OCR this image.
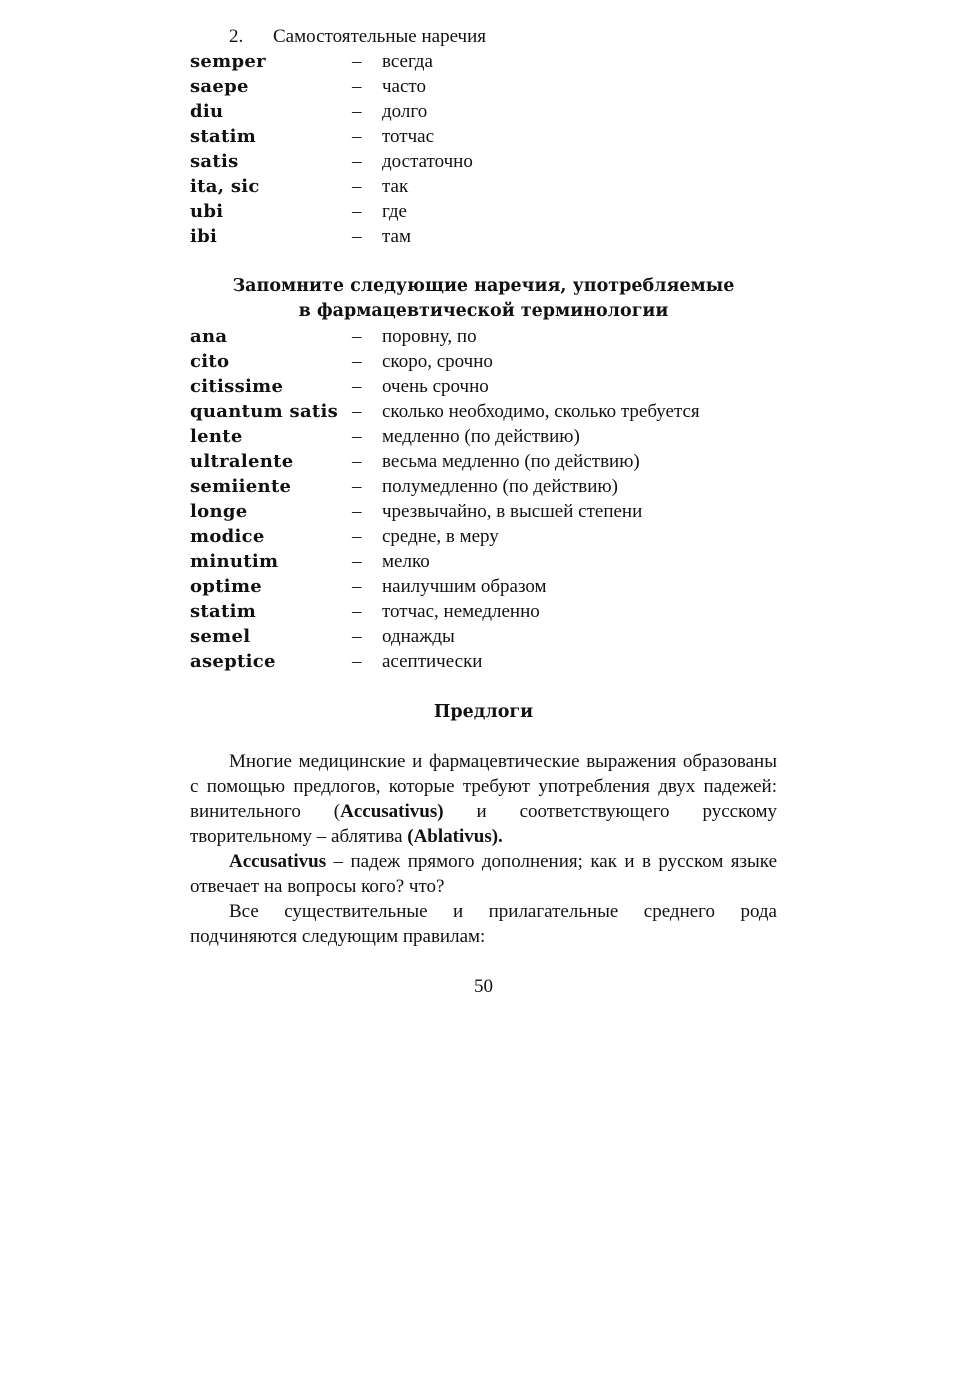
2. Самостоятельные наречия
semper	– всегда
saepe	– часто
diu	– долго
statim	– тотчас
satis	– достаточно
ita, sic	– так
ubi	– где
ibi	– там
Запомните следующие наречия, употребляемые
в фармацевтической терминологии
ana	– поровну, по
cito	– скоро, срочно
citissime	– очень срочно
quantum satis – сколько необходимо, сколько требуется
lente	– медленно (по действию)
ultralente	– весьма медленно (по действию)
semiiente	– полумедленно (по действию)
longe	– чрезвычайно, в высшей степени
modice	– средне, в меру
minutim	– мелко
optime	– наилучшим образом
statim	– тотчас, немедленно
semel	– однажды
aseptice	– асептически
Предлоги

Многие медицинские и фармацевтические выражения образованы с помощью предлогов, которые требуют употребления двух падежей: винительного (Accusativus) и соответствующего русскому творительному – аблятива (Ablativus).

Accusativus – падеж прямого дополнения; как и в русском языке отвечает на вопросы кого? что?

Все существительные и прилагательные среднего рода подчиняются следующим правилам:

50
